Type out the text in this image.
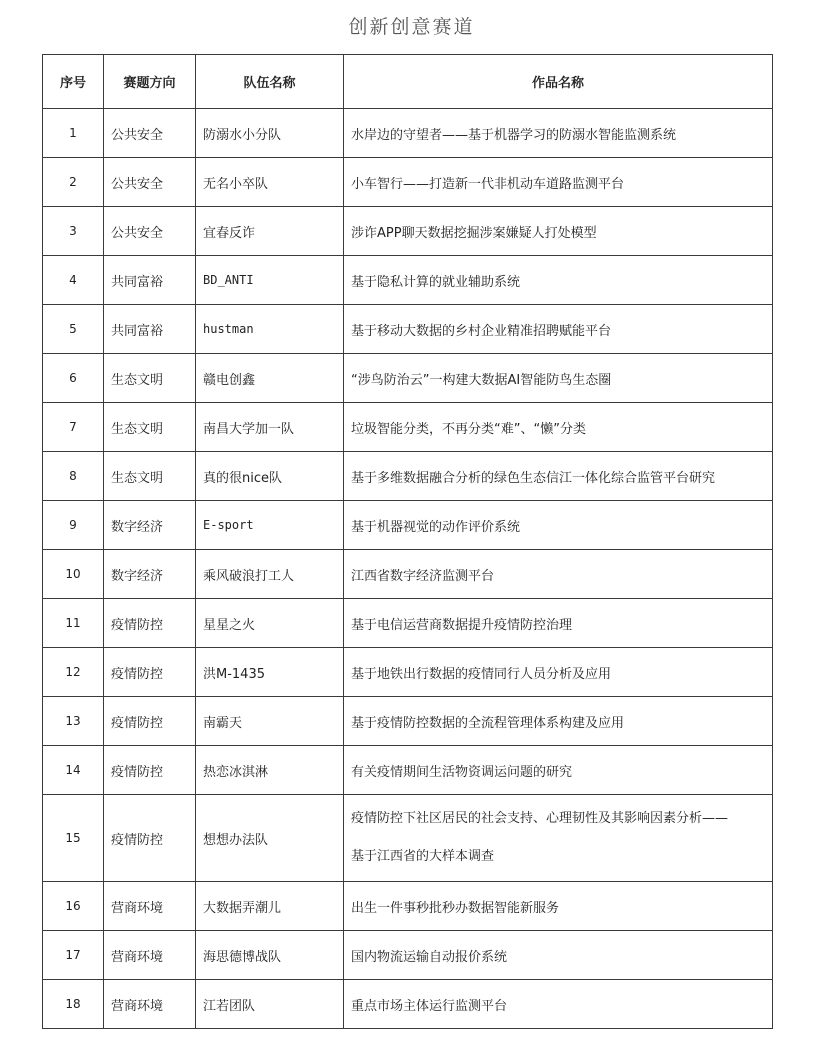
创新创意赛道
序号	赛题方向	队伍名称	作品名称
1	公共安全	防溺水小分队	水岸边的守望者——基于机器学习的防溺水智能监测系统
2	公共安全	无名小卒队	小车智行——打造新一代非机动车道路监测平台
3	公共安全	宜春反诈	涉诈APP聊天数据挖掘涉案嫌疑人打处模型
4	共同富裕	BD_ANTI	基于隐私计算的就业辅助系统
5	共同富裕	hustman	基于移动大数据的乡村企业精准招聘赋能平台
6	生态文明	赣电创鑫	“涉鸟防治云”一构建大数据AI智能防鸟生态圈
7	生态文明	南昌大学加一队	垃圾智能分类，不再分类“难”、“懒”分类
8	生态文明	真的很nice队	基于多维数据融合分析的绿色生态信江一体化综合监管平台研究
9	数字经济	E-sport	基于机器视觉的动作评价系统
10	数字经济	乘风破浪打工人	江西省数字经济监测平台
11	疫情防控	星星之火	基于电信运营商数据提升疫情防控治理
12	疫情防控	洪M-1435	基于地铁出行数据的疫情同行人员分析及应用
13	疫情防控	南霸天	基于疫情防控数据的全流程管理体系构建及应用
14	疫情防控	热恋冰淇淋	有关疫情期间生活物资调运问题的研究
15	疫情防控	想想办法队	疫情防控下社区居民的社会支持、心理韧性及其影响因素分析——
基于江西省的大样本调查

16	营商环境	大数据弄潮儿	出生一件事秒批秒办数据智能新服务
17	营商环境	海思德博战队	国内物流运输自动报价系统
18	营商环境	江若团队	重点市场主体运行监测平台
